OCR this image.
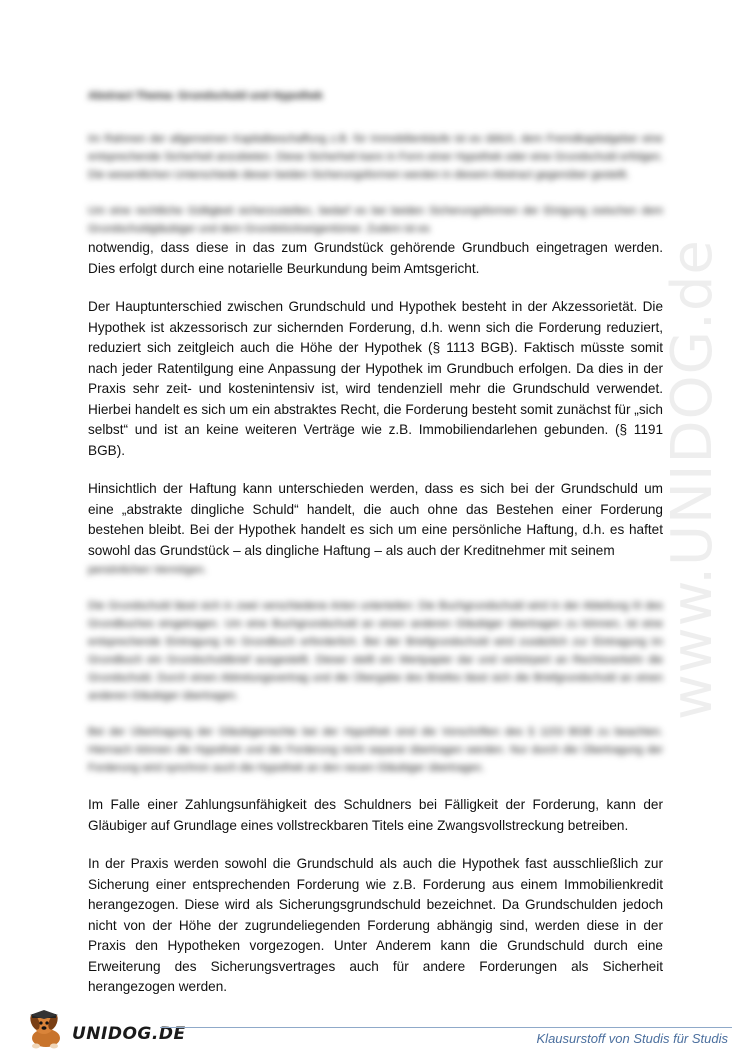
www.UNIDOG.de
Abstract Thema: Grundschuld und Hypothek

Im Rahmen der allgemeinen Kapitalbeschaffung z.B. für Immobilienkäufe ist es üblich, dem Fremdkapitalgeber eine entsprechende Sicherheit anzubieten. Diese Sicherheit kann in Form einer Hypothek oder eine Grundschuld erfolgen. Die wesentlichen Unterschiede dieser beiden Sicherungsformen werden in diesem Abstract gegenüber gestellt.

Um eine rechtliche Gültigkeit sicherzustellen, bedarf es bei beiden Sicherungsformen der Einigung zwischen dem Grundschuldgläubiger und dem Grundstückseigentümer. Zudem ist es

notwendig, dass diese in das zum Grundstück gehörende Grundbuch eingetragen werden. Dies erfolgt durch eine notarielle Beurkundung beim Amtsgericht.

Der Hauptunterschied zwischen Grundschuld und Hypothek besteht in der Akzessorietät. Die Hypothek ist akzessorisch zur sichernden Forderung, d.h. wenn sich die Forderung reduziert, reduziert sich zeitgleich auch die Höhe der Hypothek (§ 1113 BGB). Faktisch müsste somit nach jeder Ratentilgung eine Anpassung der Hypothek im Grundbuch erfolgen. Da dies in der Praxis sehr zeit- und kostenintensiv ist, wird tendenziell mehr die Grundschuld verwendet. Hierbei handelt es sich um ein abstraktes Recht, die Forderung besteht somit zunächst für „sich selbst“ und ist an keine weiteren Verträge wie z.B. Immobiliendarlehen gebunden. (§ 1191 BGB).

Hinsichtlich der Haftung kann unterschieden werden, dass es sich bei der Grundschuld um eine „abstrakte dingliche Schuld“ handelt, die auch ohne das Bestehen einer Forderung bestehen bleibt. Bei der Hypothek handelt es sich um eine persönliche Haftung, d.h. es haftet sowohl das Grundstück – als dingliche Haftung – als auch der Kreditnehmer mit seinem

persönlichen Vermögen.

Die Grundschuld lässt sich in zwei verschiedene Arten unterteilen: Die Buchgrundschuld wird in der Abteilung III des Grundbuches eingetragen. Um eine Buchgrundschuld an einen anderen Gläubiger übertragen zu können, ist eine entsprechende Eintragung im Grundbuch erforderlich. Bei der Briefgrundschuld wird zusätzlich zur Eintragung im Grundbuch ein Grundschuldbrief ausgestellt. Dieser stellt ein Wertpapier dar und verkörpert an Rechtsverkehr die Grundschuld. Durch einen Abtretungsvertrag und die Übergabe des Briefes lässt sich die Briefgrundschuld an einen anderen Gläubiger übertragen.

Bei der Übertragung der Gläubigerrechte bei der Hypothek sind die Vorschriften des § 1153 BGB zu beachten. Hiernach können die Hypothek und die Forderung nicht separat übertragen werden. Nur durch die Übertragung der Forderung wird synchron auch die Hypothek an den neuen Gläubiger übertragen.

Im Falle einer Zahlungsunfähigkeit des Schuldners bei Fälligkeit der Forderung, kann der Gläubiger auf Grundlage eines vollstreckbaren Titels eine Zwangsvollstreckung betreiben.

In der Praxis werden sowohl die Grundschuld als auch die Hypothek fast ausschließlich zur Sicherung einer entsprechenden Forderung wie z.B. Forderung aus einem Immobilienkredit herangezogen. Diese wird als Sicherungsgrundschuld bezeichnet. Da Grundschulden jedoch nicht von der Höhe der zugrundeliegenden Forderung abhängig sind, werden diese in der Praxis den Hypotheken vorgezogen. Unter Anderem kann die Grundschuld durch eine Erweiterung des Sicherungsvertrages auch für andere Forderungen als Sicherheit herangezogen werden.

UNIDOG.DE	Klausurstoff von Studis für Studis
